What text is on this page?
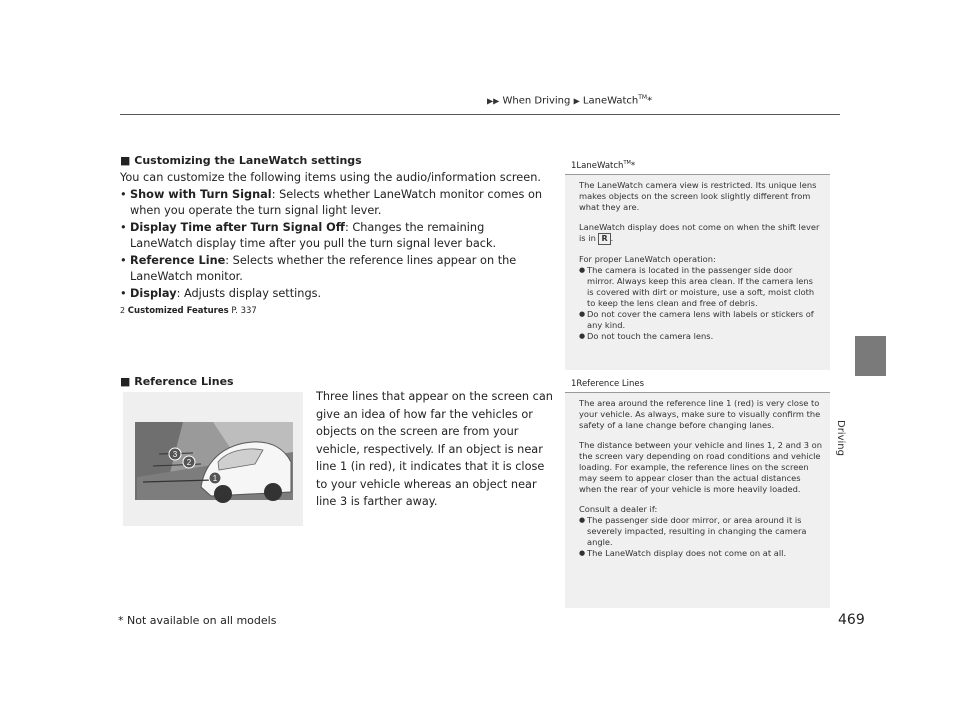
▶▶ When Driving ▶ LaneWatch™*
Driving
■ Customizing the LaneWatch settings
You can customize the following items using the audio/information screen.
• Show with Turn Signal: Selects whether LaneWatch monitor comes on when you operate the turn signal light lever.
• Display Time after Turn Signal Off: Changes the remaining LaneWatch display time after you pull the turn signal lever back.
• Reference Line: Selects whether the reference lines appear on the LaneWatch monitor.
• Display: Adjusts display settings.
2 Customized Features P. 337
■ Reference Lines
3
2
1
Three lines that appear on the screen can give an idea of how far the vehicles or objects on the screen are from your vehicle, respectively. If an object is near line 1 (in red), it indicates that it is close to your vehicle whereas an object near line 3 is farther away.
1LaneWatch™*

The LaneWatch camera view is restricted. Its unique lens makes objects on the screen look slightly different from what they are.

LaneWatch display does not come on when the shift lever is in R .

For proper LaneWatch operation:

● The camera is located in the passenger side door mirror. Always keep this area clean. If the camera lens is covered with dirt or moisture, use a soft, moist cloth to keep the lens clean and free of debris.
● Do not cover the camera lens with labels or stickers of any kind.
● Do not touch the camera lens.
1Reference Lines

The area around the reference line 1 (red) is very close to your vehicle. As always, make sure to visually confirm the safety of a lane change before changing lanes.

The distance between your vehicle and lines 1, 2 and 3 on the screen vary depending on road conditions and vehicle loading. For example, the reference lines on the screen may seem to appear closer than the actual distances when the rear of your vehicle is more heavily loaded.

Consult a dealer if:

● The passenger side door mirror, or area around it is severely impacted, resulting in changing the camera angle.
● The LaneWatch display does not come on at all.
* Not available on all models	469
